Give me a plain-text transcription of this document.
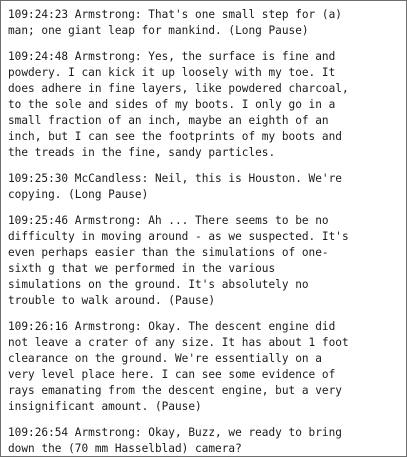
109:24:23 Armstrong: That's one small step for (a)
man; one giant leap for mankind. (Long Pause)
109:24:48 Armstrong: Yes, the surface is fine and
powdery. I can kick it up loosely with my toe. It
does adhere in fine layers, like powdered charcoal,
to the sole and sides of my boots. I only go in a
small fraction of an inch, maybe an eighth of an
inch, but I can see the footprints of my boots and
the treads in the fine, sandy particles.
109:25:30 McCandless: Neil, this is Houston. We're
copying. (Long Pause)
109:25:46 Armstrong: Ah ... There seems to be no
difficulty in moving around - as we suspected. It's
even perhaps easier than the simulations of one-
sixth g that we performed in the various
simulations on the ground. It's absolutely no
trouble to walk around. (Pause)
109:26:16 Armstrong: Okay. The descent engine did
not leave a crater of any size. It has about 1 foot
clearance on the ground. We're essentially on a
very level place here. I can see some evidence of
rays emanating from the descent engine, but a very
insignificant amount. (Pause)
109:26:54 Armstrong: Okay, Buzz, we ready to bring
down the (70 mm Hasselblad) camera?
